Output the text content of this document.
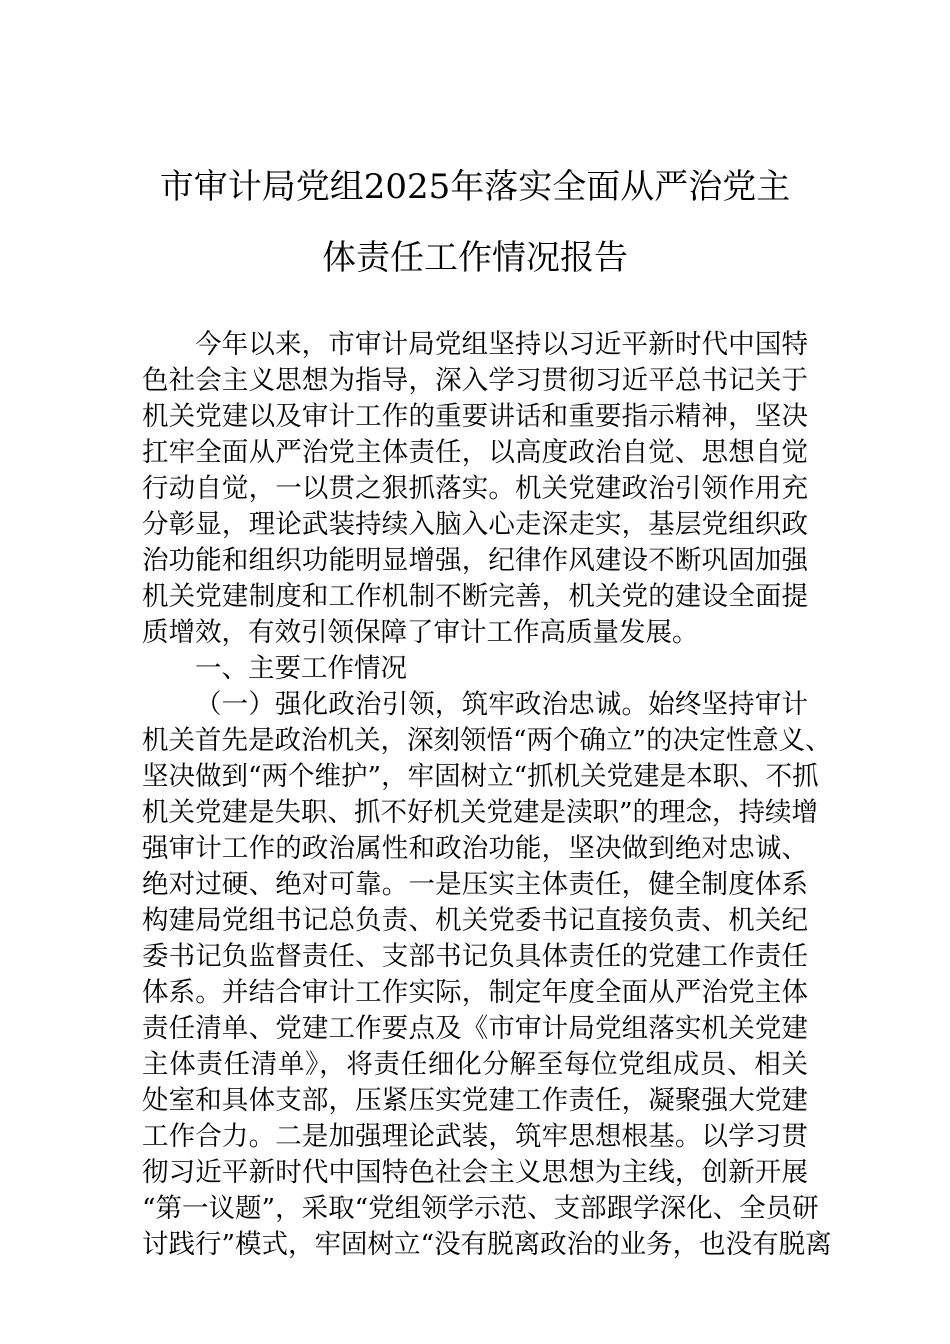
市审计局党组2025年落实全面从严治党主
体责任工作情况报告
今年以来，市审计局党组坚持以习近平新时代中国特
色社会主义思想为指导，深入学习贯彻习近平总书记关于
机关党建以及审计工作的重要讲话和重要指示精神，坚决
扛牢全面从严治党主体责任，以高度政治自觉、思想自觉
行动自觉，一以贯之狠抓落实。机关党建政治引领作用充
分彰显，理论武装持续入脑入心走深走实，基层党组织政
治功能和组织功能明显增强，纪律作风建设不断巩固加强
机关党建制度和工作机制不断完善，机关党的建设全面提
质增效，有效引领保障了审计工作高质量发展。
一、主要工作情况
（一）强化政治引领，筑牢政治忠诚。始终坚持审计
机关首先是政治机关，深刻领悟“两个确立”的决定性意义、
坚决做到“两个维护”，牢固树立“抓机关党建是本职、不抓
机关党建是失职、抓不好机关党建是渎职”的理念，持续增
强审计工作的政治属性和政治功能，坚决做到绝对忠诚、
绝对过硬、绝对可靠。一是压实主体责任，健全制度体系
构建局党组书记总负责、机关党委书记直接负责、机关纪
委书记负监督责任、支部书记负具体责任的党建工作责任
体系。并结合审计工作实际，制定年度全面从严治党主体
责任清单、党建工作要点及《市审计局党组落实机关党建
主体责任清单》，将责任细化分解至每位党组成员、相关
处室和具体支部，压紧压实党建工作责任，凝聚强大党建
工作合力。二是加强理论武装，筑牢思想根基。以学习贯
彻习近平新时代中国特色社会主义思想为主线，创新开展
“第一议题”，采取“党组领学示范、支部跟学深化、全员研
讨践行”模式，牢固树立“没有脱离政治的业务，也没有脱离
